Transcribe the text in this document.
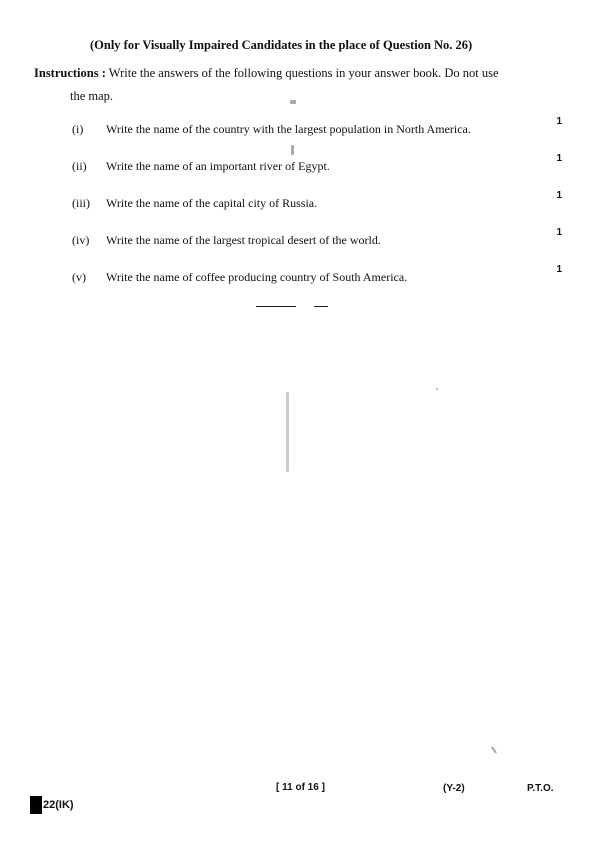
(Only for Visually Impaired Candidates in the place of Question No. 26)
Instructions : Write the answers of the following questions in your answer book. Do not use
the map.
(i) Write the name of the country with the largest population in North America.
1
(ii) Write the name of an important river of Egypt.
1
(iii) Write the name of the capital city of Russia.
1
(iv) Write the name of the largest tropical desert of the world.
1
(v) Write the name of coffee producing country of South America.
1
[ 11 of 16 ]	(Y-2)	P.T.O.
22(IK)
